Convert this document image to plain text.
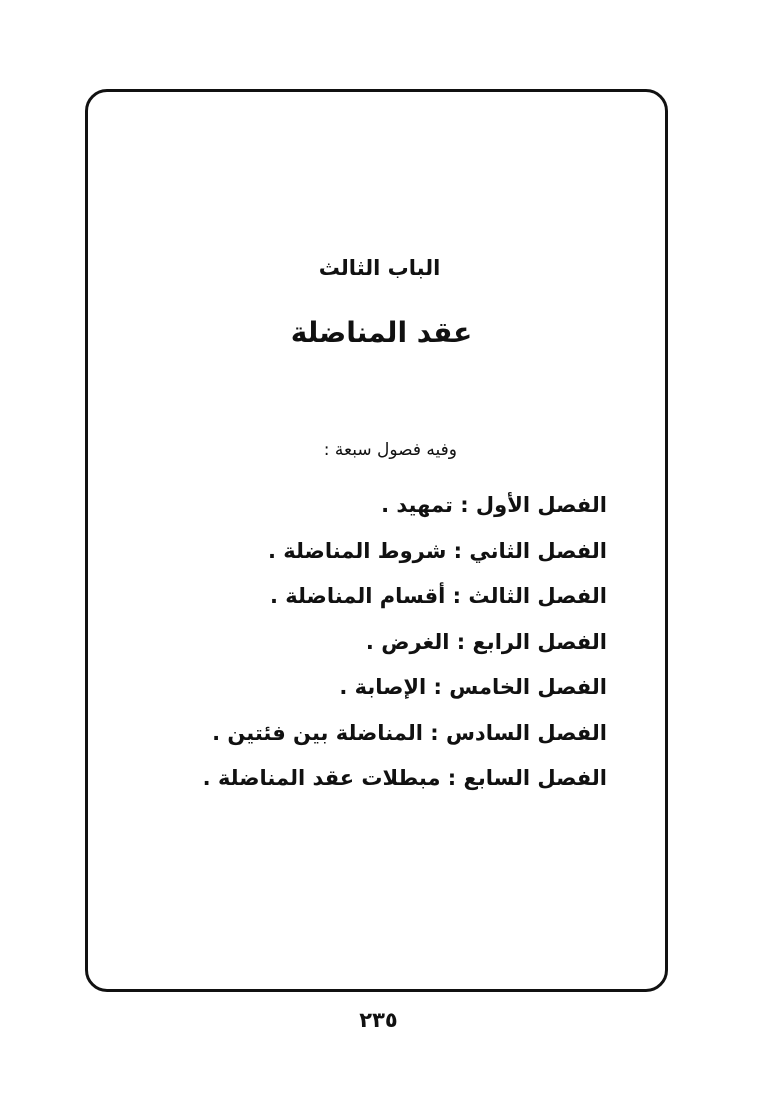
الباب الثالث
عقد المناضلة
وفيه فصول سبعة :
الفصل الأول : تمهيد .
الفصل الثاني : شروط المناضلة .
الفصل الثالث : أقسام المناضلة .
الفصل الرابع : الغرض .
الفصل الخامس : الإصابة .
الفصل السادس : المناضلة بين فئتين .
الفصل السابع : مبطلات عقد المناضلة .
٢٣٥
